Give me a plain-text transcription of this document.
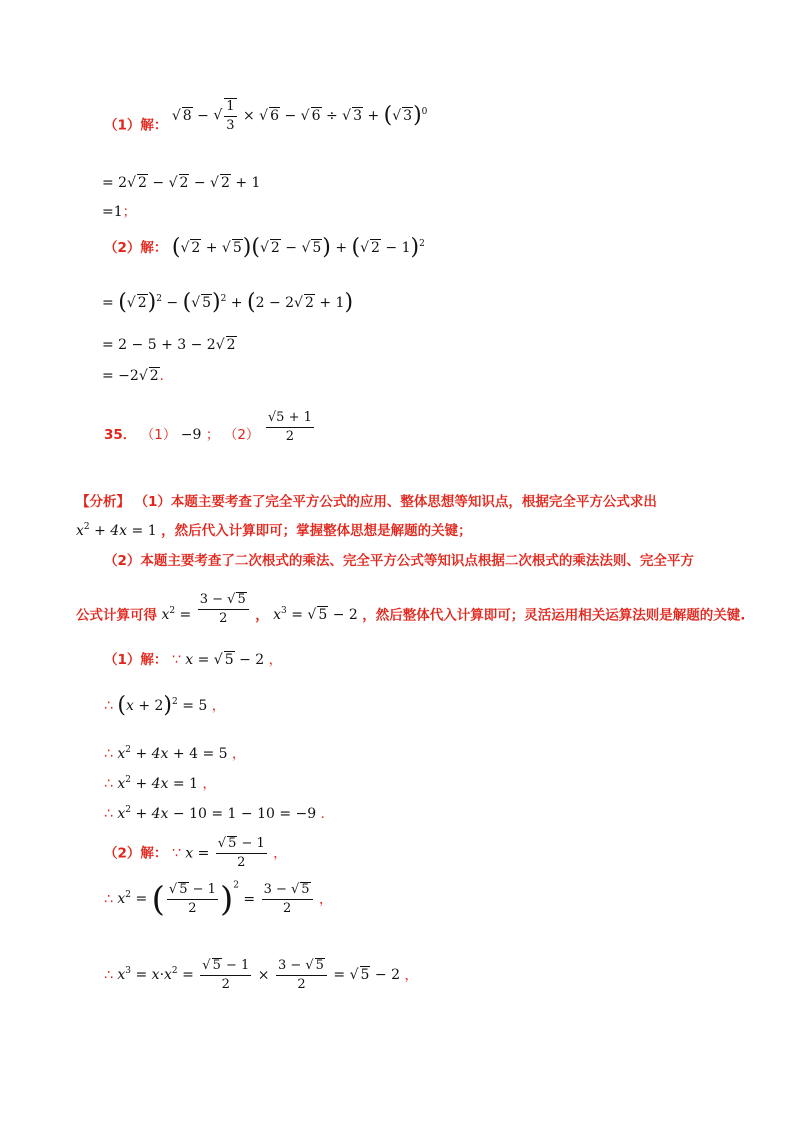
（1）解： √ 8 − √ $\frac{1}{3}$ × √ 6 − √ 6 ÷ √ 3 + (√ 3)$^0$
= 2√ 2 − √ 2 − √ 2 + 1
=1；
（2）解： (√ 2 + √ 5)(√ 2 − √ 5) + (√ 2 − 1)$^2$
= (√ 2)$^2$ − (√ 5)$^2$ + (2 − 2√ 2 + 1)
= 2 − 5 + 3 − 2√ 2
= −2√ 2．
35． （1） −9 ； $(2) \frac{√5 + 1}{2}$
【分析】 （1）本题主要考查了完全平方公式的应用、整体思想等知识点，根据完全平方公式求出
$x^2 + 4x = 1$ ，然后代入计算即可；掌握整体思想是解题的关键；
（2）本题主要考查了二次根式的乘法、完全平方公式等知识点根据二次根式的乘法法则、完全平方
公式计算可得 $x^2 = \frac{3 - √ 5}{2}$ ， $x^3$ = √ 5 − 2 ，然后整体代入计算即可；灵活运用相关运算法则是解题的关键.
（1）解： ∵ x = √ 5 − 2 ，
∴ $(x + 2)^2 = 5$ ，
∴ $x^2 + 4x + 4 = 5$ ，
∴ $x^2 + 4x = 1$ ，
∴ $x^2 + 4x - 10 = 1 - 10 = -9$ ．
（2）解： ∵ $x = \frac{√ 5 - 1}{2}$ ，
∴ $x^2$ = ( $\frac{√ 5 - 1}{2} )^2 = \frac{3 - √ 5}{2}$ ，
∴ $x^3 = x\cdot x^2 = \frac{√ 5 - 1}{2} \times \frac{3 - √ 5}{2}$ = √ 5 − 2 ，
